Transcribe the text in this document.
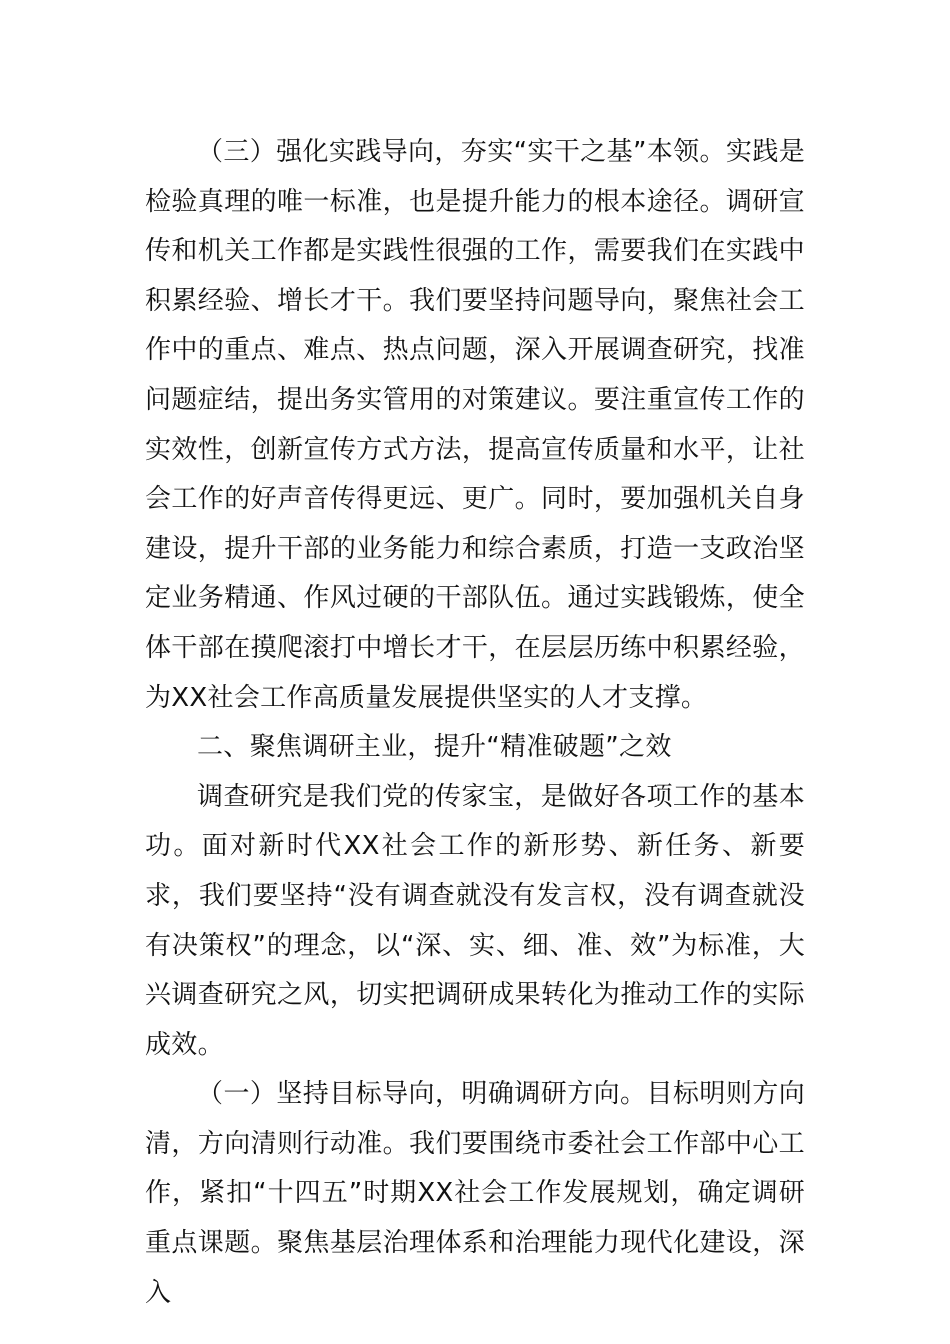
（三）强化实践导向，夯实“实干之基”本领。实践是检验真理的唯一标准，也是提升能力的根本途径。调研宣传和机关工作都是实践性很强的工作，需要我们在实践中积累经验、增长才干。我们要坚持问题导向，聚焦社会工作中的重点、难点、热点问题，深入开展调查研究，找准问题症结，提出务实管用的对策建议。要注重宣传工作的实效性，创新宣传方式方法，提高宣传质量和水平，让社会工作的好声音传得更远、更广。同时，要加强机关自身建设，提升干部的业务能力和综合素质，打造一支政治坚定业务精通、作风过硬的干部队伍。通过实践锻炼，使全体干部在摸爬滚打中增长才干，在层层历练中积累经验，为XX社会工作高质量发展提供坚实的人才支撑。

二、聚焦调研主业，提升“精准破题”之效

调查研究是我们党的传家宝，是做好各项工作的基本功。面对新时代XX社会工作的新形势、新任务、新要求，我们要坚持“没有调查就没有发言权，没有调查就没有决策权”的理念，以“深、实、细、准、效”为标准，大兴调查研究之风，切实把调研成果转化为推动工作的实际成效。

（一）坚持目标导向，明确调研方向。目标明则方向清，方向清则行动准。我们要围绕市委社会工作部中心工作，紧扣“十四五”时期XX社会工作发展规划，确定调研重点课题。聚焦基层治理体系和治理能力现代化建设，深入
